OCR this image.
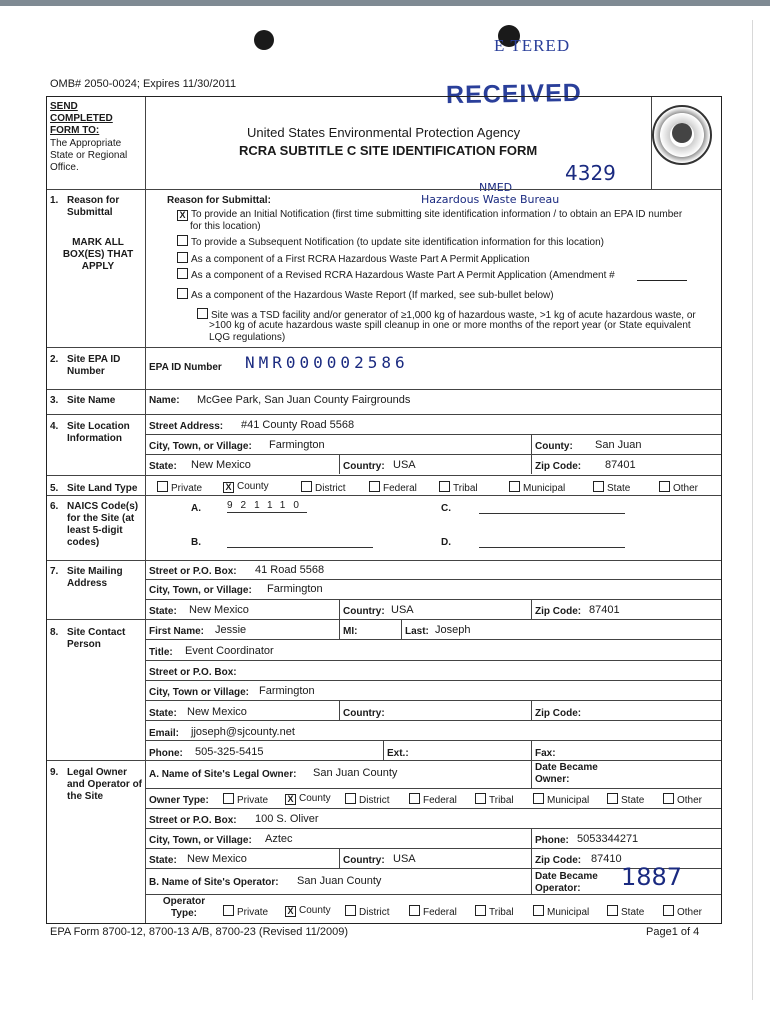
E TERED
RECEIVED
OMB# 2050-0024; Expires 11/30/2011
SEND COMPLETED FORM TO:
The Appropriate State or Regional Office.
United States Environmental Protection Agency
RCRA SUBTITLE C SITE IDENTIFICATION FORM
4329
NMED
Hazardous Waste Bureau
1. Reason for Submittal
MARK ALL BOX(ES) THAT APPLY
Reason for Submittal:
X To provide an Initial Notification (first time submitting site identification information / to obtain an EPA ID number
for this location)
To provide a Subsequent Notification (to update site identification information for this location)
As a component of a First RCRA Hazardous Waste Part A Permit Application
As a component of a Revised RCRA Hazardous Waste Part A Permit Application (Amendment #
As a component of the Hazardous Waste Report (If marked, see sub-bullet below)
Site was a TSD facility and/or generator of ≥1,000 kg of hazardous waste, >1 kg of acute hazardous waste, or
>100 kg of acute hazardous waste spill cleanup in one or more months of the report year (or State equivalent
LQG regulations)
2. Site EPA ID Number	EPA ID Number NMR000002586
3. Site Name	Name: McGee Park, San Juan County Fairgrounds
4. Site Location Information
Street Address: #41 County Road 5568
City, Town, or Village: Farmington	County: San Juan
State: New Mexico	Country: USA	Zip Code: 87401
5. Site Land Type	Private	X County	District	Federal	Tribal	Municipal	State	Other
6. NAICS Code(s) for the Site (at least 5-digit codes)
A.	921110	C.
B.	D.
7. Site Mailing Address
Street or P.O. Box: 41 Road 5568
City, Town, or Village: Farmington
State: New Mexico	Country: USA	Zip Code: 87401
8. Site Contact Person
First Name: Jessie	MI:	Last: Joseph
Title: Event Coordinator
Street or P.O. Box:
City, Town or Village: Farmington
State: New Mexico	Country:	Zip Code:
Email: jjoseph@sjcounty.net
Phone: 505-325-5415	Ext.:	Fax:
9. Legal Owner and Operator of the Site
A. Name of Site's Legal Owner: San Juan County	Date Became Owner:
Owner Type:	Private X County	District	Federal	Tribal	Municipal	State	Other
Street or P.O. Box: 100 S. Oliver
City, Town, or Village: Aztec	Phone: 5053344271
State: New Mexico	Country: USA	Zip Code: 87410
B. Name of Site's Operator: San Juan County	Date Became Operator:	1887
Operator Type:	Private X County	District	Federal	Tribal	Municipal	State	Other
EPA Form 8700-12, 8700-13 A/B, 8700-23 (Revised 11/2009)	Page1 of 4
